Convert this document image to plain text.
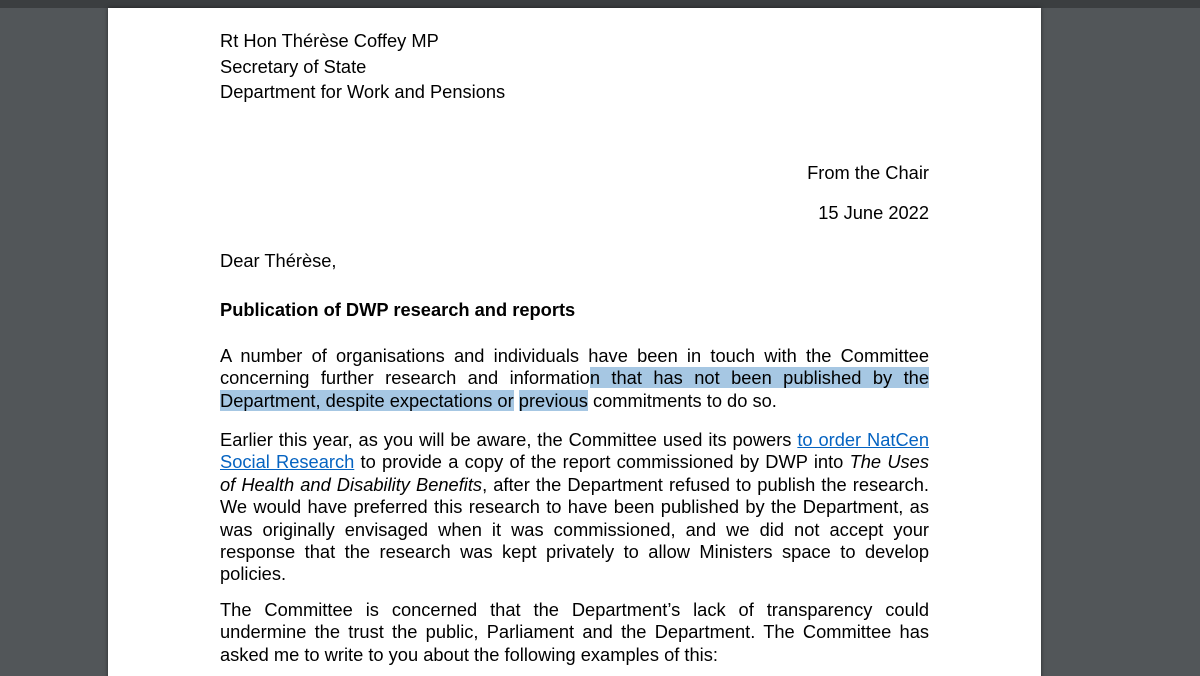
Rt Hon Thérèse Coffey MP
Secretary of State
Department for Work and Pensions
From the Chair
15 June 2022
Dear Thérèse,
Publication of DWP research and reports
A number of organisations and individuals have been in touch with the Committee concerning further research and information that has not been published by the Department, despite expectations or previous commitments to do so.
Earlier this year, as you will be aware, the Committee used its powers to order NatCen Social Research to provide a copy of the report commissioned by DWP into The Uses of Health and Disability Benefits, after the Department refused to publish the research. We would have preferred this research to have been published by the Department, as was originally envisaged when it was commissioned, and we did not accept your response that the research was kept privately to allow Ministers space to develop policies.
The Committee is concerned that the Department’s lack of transparency could undermine the trust the public, Parliament and the Department. The Committee has asked me to write to you about the following examples of this:
